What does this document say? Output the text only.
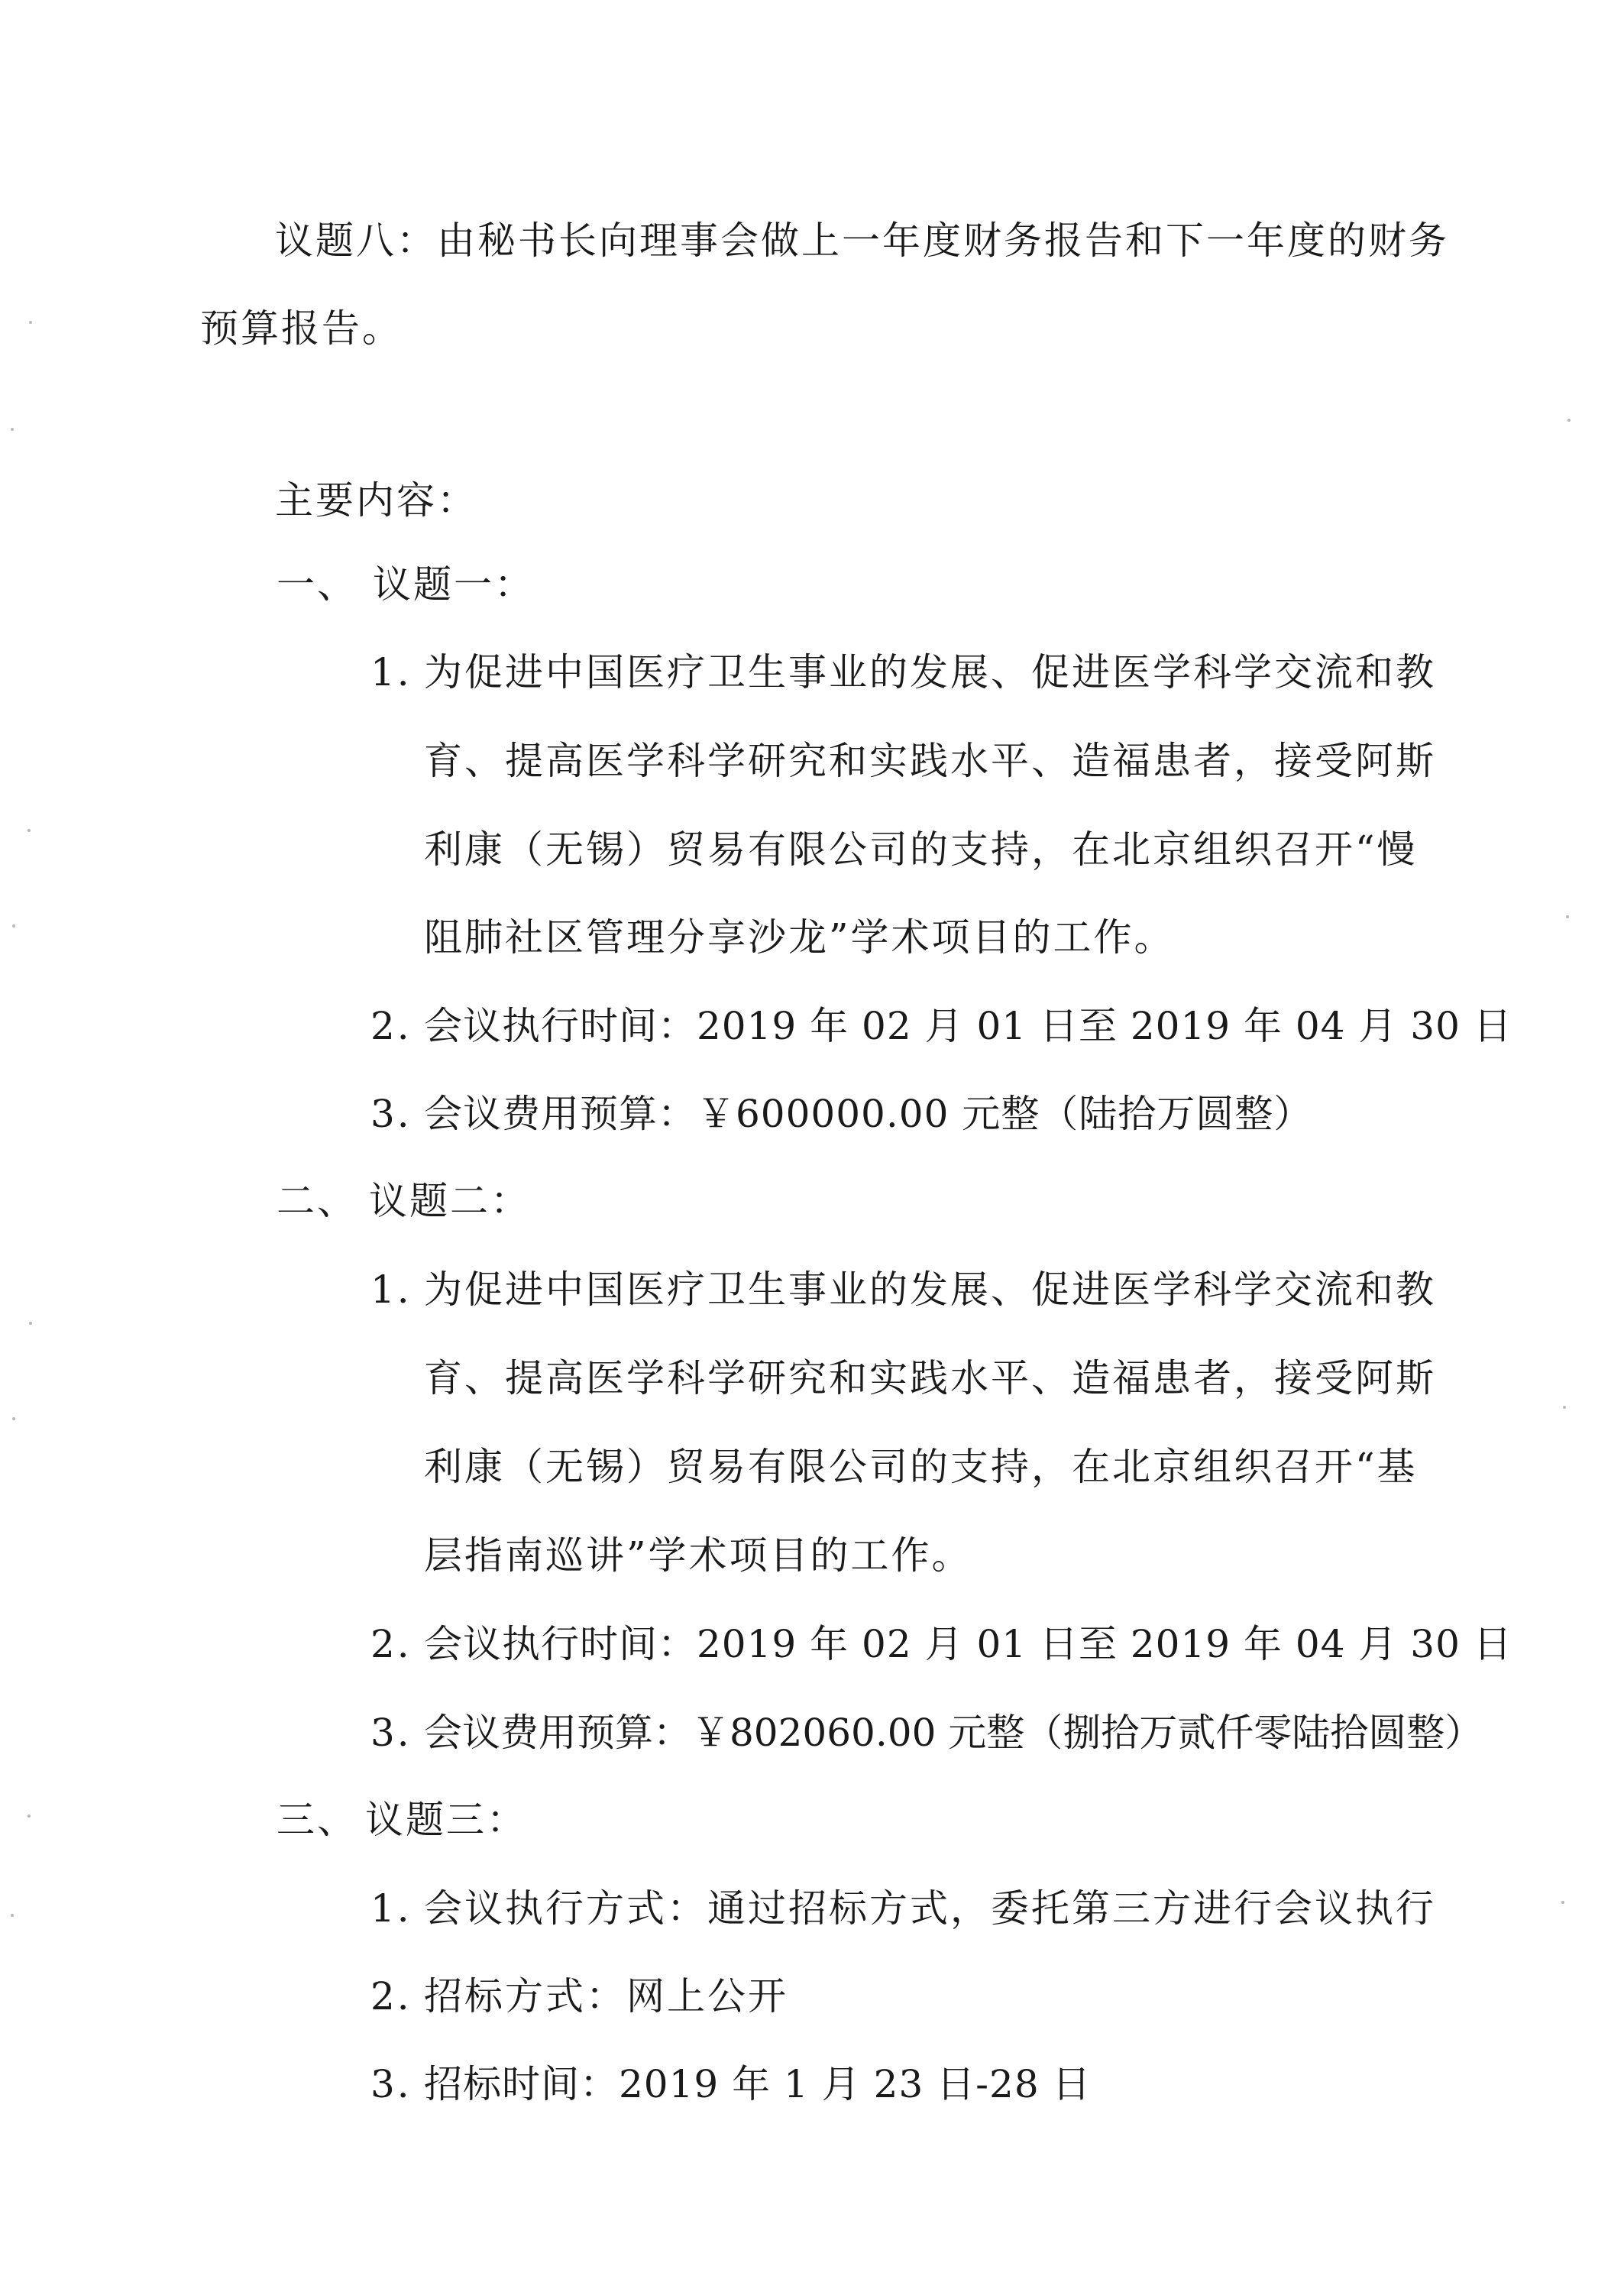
议题八：由秘书长向理事会做上一年度财务报告和下一年度的财务
预算报告。
主要内容：
一、 议题一：
1. 为促进中国医疗卫生事业的发展、促进医学科学交流和教
育、提高医学科学研究和实践水平、造福患者，接受阿斯
利康（无锡）贸易有限公司的支持，在北京组织召开“慢
阻肺社区管理分享沙龙”学术项目的工作。
2. 会议执行时间：2019 年 02 月 01 日至 2019 年 04 月 30 日
3. 会议费用预算：￥600000.00 元整（陆拾万圆整）
二、 议题二：
1. 为促进中国医疗卫生事业的发展、促进医学科学交流和教
育、提高医学科学研究和实践水平、造福患者，接受阿斯
利康（无锡）贸易有限公司的支持，在北京组织召开“基
层指南巡讲”学术项目的工作。
2. 会议执行时间：2019 年 02 月 01 日至 2019 年 04 月 30 日
3. 会议费用预算：￥802060.00 元整（捌拾万贰仟零陆拾圆整）
三、 议题三：
1. 会议执行方式：通过招标方式，委托第三方进行会议执行
2. 招标方式：网上公开
3. 招标时间：2019 年 1 月 23 日-28 日
